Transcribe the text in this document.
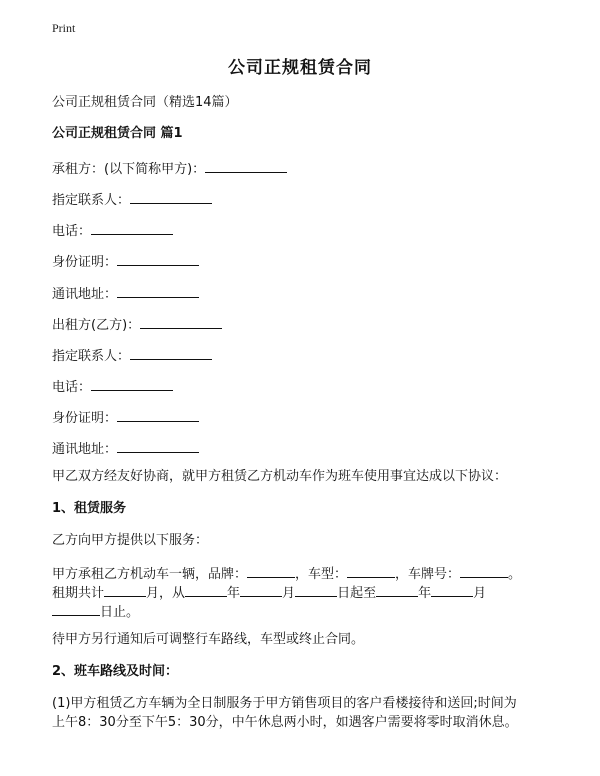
Print
公司正规租赁合同
公司正规租赁合同（精选14篇）
公司正规租赁合同 篇1
承租方：(以下简称甲方)：
指定联系人：
电话：
身份证明：
通讯地址：
出租方(乙方)：
指定联系人：
电话：
身份证明：
通讯地址：
甲乙双方经友好协商，就甲方租赁乙方机动车作为班车使用事宜达成以下协议：
1、租赁服务
乙方向甲方提供以下服务：
甲方承租乙方机动车一辆，品牌：	，车型：	，车牌号：	。
租期共计	月，从	年	月	日起至	年	月
日止。
待甲方另行通知后可调整行车路线，车型或终止合同。
2、班车路线及时间：
(1)甲方租赁乙方车辆为全日制服务于甲方销售项目的客户看楼接待和送回;时间为
上午8：30分至下午5：30分，中午休息两小时，如遇客户需要将零时取消休息。
